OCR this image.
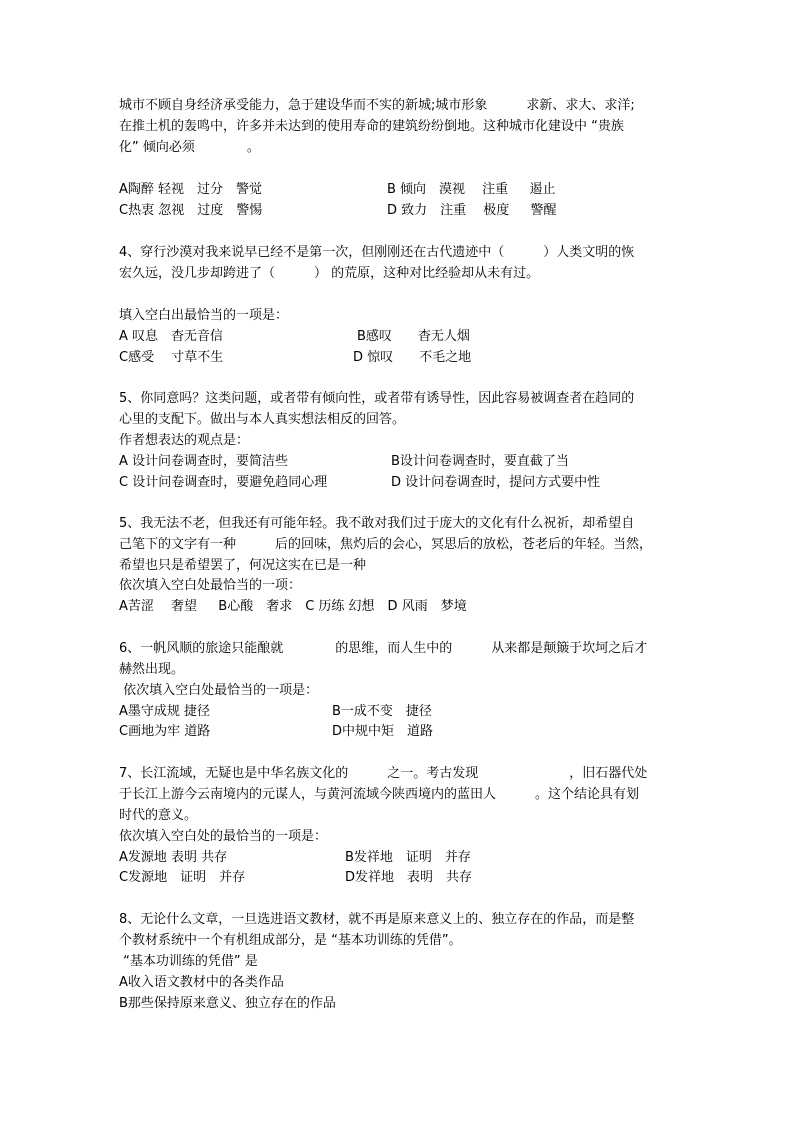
城市不顾自身经济承受能力，急于建设华而不实的新城;城市形象　　　求新、求大、求洋;
在推土机的轰鸣中，许多并未达到的使用寿命的建筑纷纷倒地。这种城市化建设中 “贵族
化” 倾向必须　　　　。
A陶醉 轻视　过分　警觉	B 倾向　漠视　 注重　  遏止
C热衷 忽视　过度　警惕	D 致力　注重　 极度　  警醒
4、穿行沙漠对我来说早已经不是第一次，但刚刚还在古代遗迹中（　　　）人类文明的恢
宏久远，没几步却跨进了（　　　） 的荒原，这种对比经验却从未有过。
填入空白出最恰当的一项是：
A 叹息　杳无音信	B感叹　　杳无人烟
C感受　 寸草不生	D 惊叹　　不毛之地
5、你同意吗？这类问题，或者带有倾向性，或者带有诱导性，因此容易被调查者在趋同的
心里的支配下。做出与本人真实想法相反的回答。
作者想表达的观点是：
A 设计问卷调查时，要简洁些	B设计问卷调查时，要直截了当
C 设计问卷调查时，要避免趋同心理	D 设计问卷调查时，提问方式要中性
5、我无法不老，但我还有可能年轻。我不敢对我们过于庞大的文化有什么祝祈，却希望自
己笔下的文字有一种　　　后的回味，焦灼后的会心，冥思后的放松，苍老后的年轻。当然，
希望也只是希望罢了，何况这实在已是一种
依次填入空白处最恰当的一项：
A苦涩　 奢望　  B心酸　奢求　C 历练 幻想　D 风雨　梦境
6、一帆风顺的旅途只能酿就　　　　的思维，而人生中的　　　从来都是颠簸于坎坷之后才
赫然出现。
依次填入空白处最恰当的一项是：
A墨守成规 捷径	B一成不变　捷径
C画地为牢 道路	D中规中矩　道路
7、长江流域，无疑也是中华名族文化的　　　之一。考古发现　　　　　　　，旧石器代处
于长江上游今云南境内的元谋人，与黄河流域今陕西境内的蓝田人　　　。这个结论具有划
时代的意义。
依次填入空白处的最恰当的一项是：
A发源地 表明 共存	B发祥地　证明　并存
C发源地　证明　并存	D发祥地　表明　共存
8、无论什么文章，一旦选进语文教材，就不再是原来意义上的、独立存在的作品，而是整
个教材系统中一个有机组成部分，是 “基本功训练的凭借”。
“基本功训练的凭借” 是
A收入语文教材中的各类作品
B那些保持原来意义、独立存在的作品
